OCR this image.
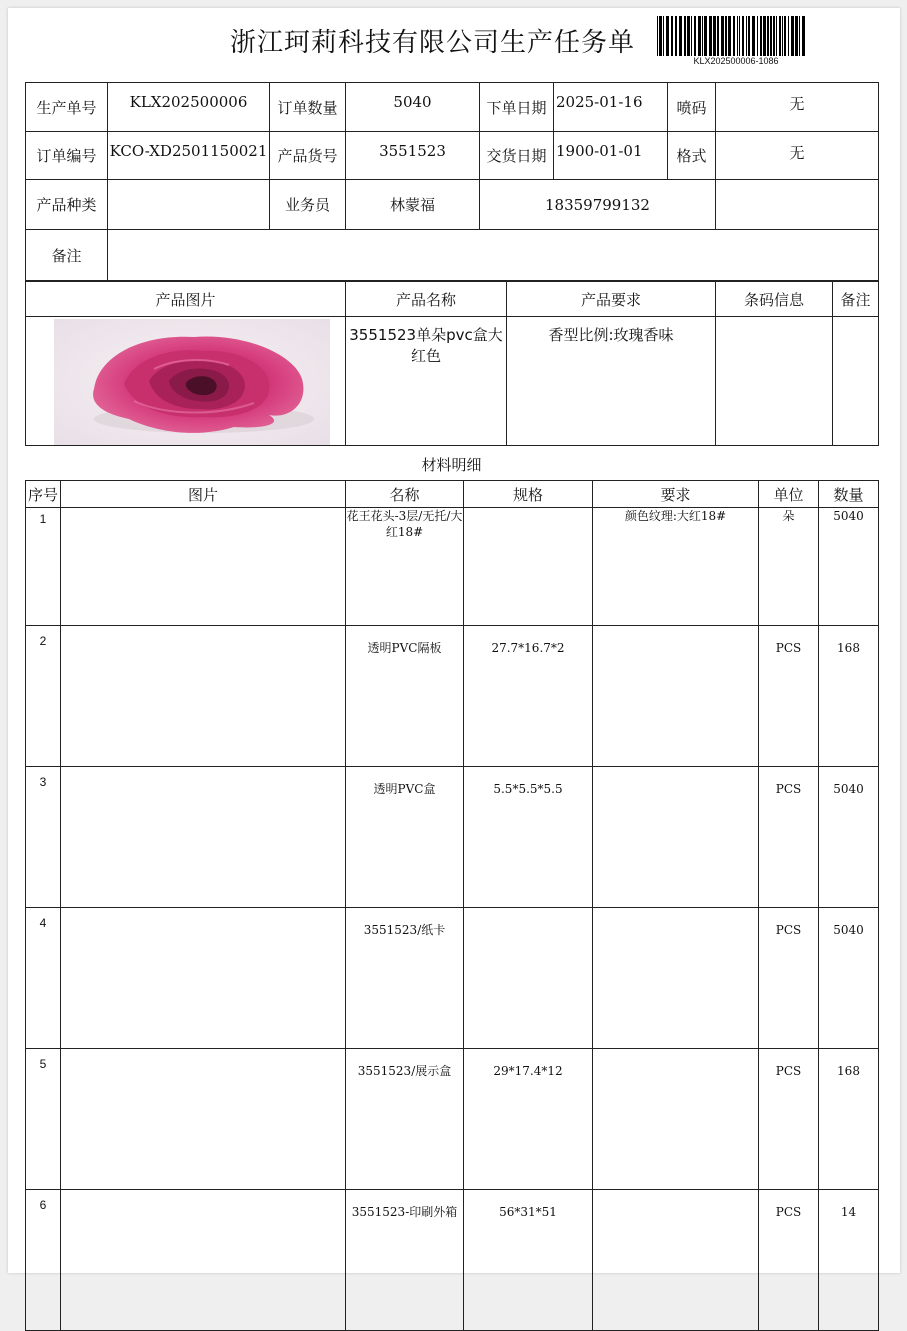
浙江珂莉科技有限公司生产任务单
KLX202500006-1086
生产单号	KLX202500006	订单数量	5040	下单日期	2025-01-16	喷码	无
订单编号	KCO-XD2501150021	产品货号	3551523	交货日期	1900-01-01	格式	无
产品种类		业务员	林蒙福	18359799132			
备注							
产品图片	产品名称	产品要求	条码信息	备注

	3551523单朵pvc盒大红色	香型比例:玫瑰香味		
材料明细
序号	图片	名称	规格	要求	单位	数量
1		花王花头-3层/无托/大红18#		颜色纹理:大红18#	朵	5040
2		透明PVC隔板	27.7*16.7*2		PCS	168
3		透明PVC盒	5.5*5.5*5.5		PCS	5040
4		3551523/纸卡			PCS	5040
5		3551523/展示盒	29*17.4*12		PCS	168
6		3551523-印刷外箱	56*31*51		PCS	14
